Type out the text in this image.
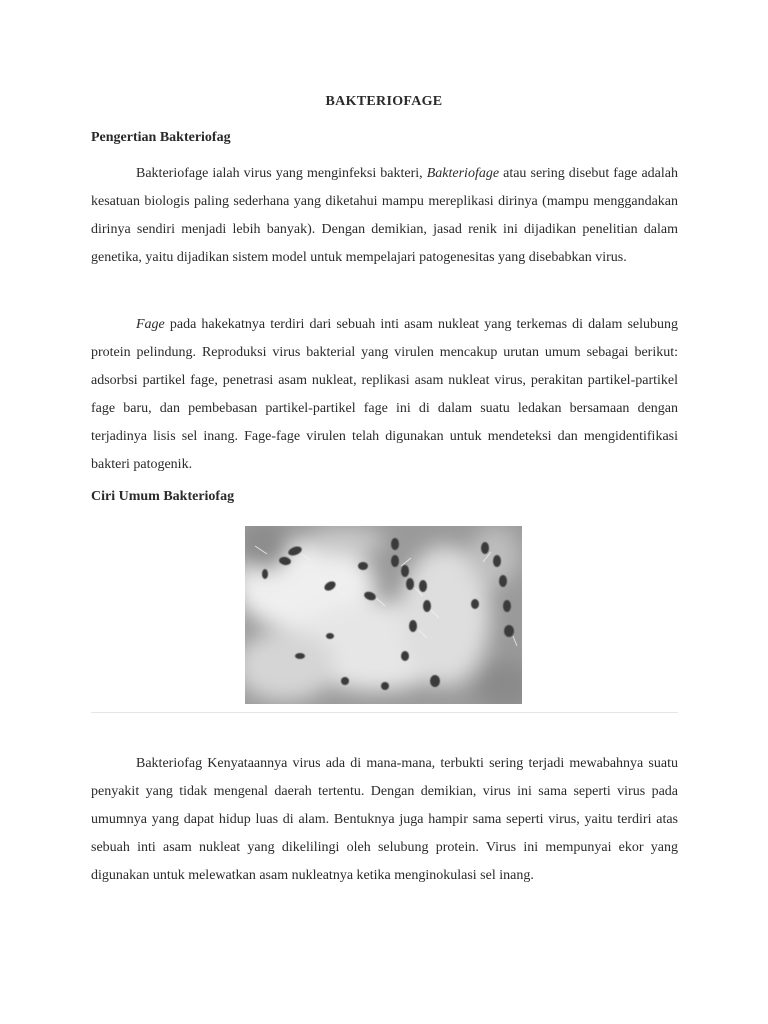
BAKTERIOFAGE
Pengertian Bakteriofag

Bakteriofage ialah virus yang menginfeksi bakteri, Bakteriofage atau sering disebut fage adalah kesatuan biologis paling sederhana yang diketahui mampu mereplikasi dirinya (mampu menggandakan dirinya sendiri menjadi lebih banyak). Dengan demikian, jasad renik ini dijadikan penelitian dalam genetika, yaitu dijadikan sistem model untuk mempelajari patogenesitas yang disebabkan virus.

Fage pada hakekatnya terdiri dari sebuah inti asam nukleat yang terkemas di dalam selubung protein pelindung. Reproduksi virus bakterial yang virulen mencakup urutan umum sebagai berikut: adsorbsi partikel fage, penetrasi asam nukleat, replikasi asam nukleat virus, perakitan partikel-partikel fage baru, dan pembebasan partikel-partikel fage ini di dalam suatu ledakan bersamaan dengan terjadinya lisis sel inang. Fage-fage virulen telah digunakan untuk mendeteksi dan mengidentifikasi bakteri patogenik.

Ciri Umum Bakteriofag

Bakteriofag Kenyataannya virus ada di mana-mana, terbukti sering terjadi mewabahnya suatu penyakit yang tidak mengenal daerah tertentu. Dengan demikian, virus ini sama seperti virus pada umumnya yang dapat hidup luas di alam. Bentuknya juga hampir sama seperti virus, yaitu terdiri atas sebuah inti asam nukleat yang dikelilingi oleh selubung protein. Virus ini mempunyai ekor yang digunakan untuk melewatkan asam nukleatnya ketika menginokulasi sel inang.
